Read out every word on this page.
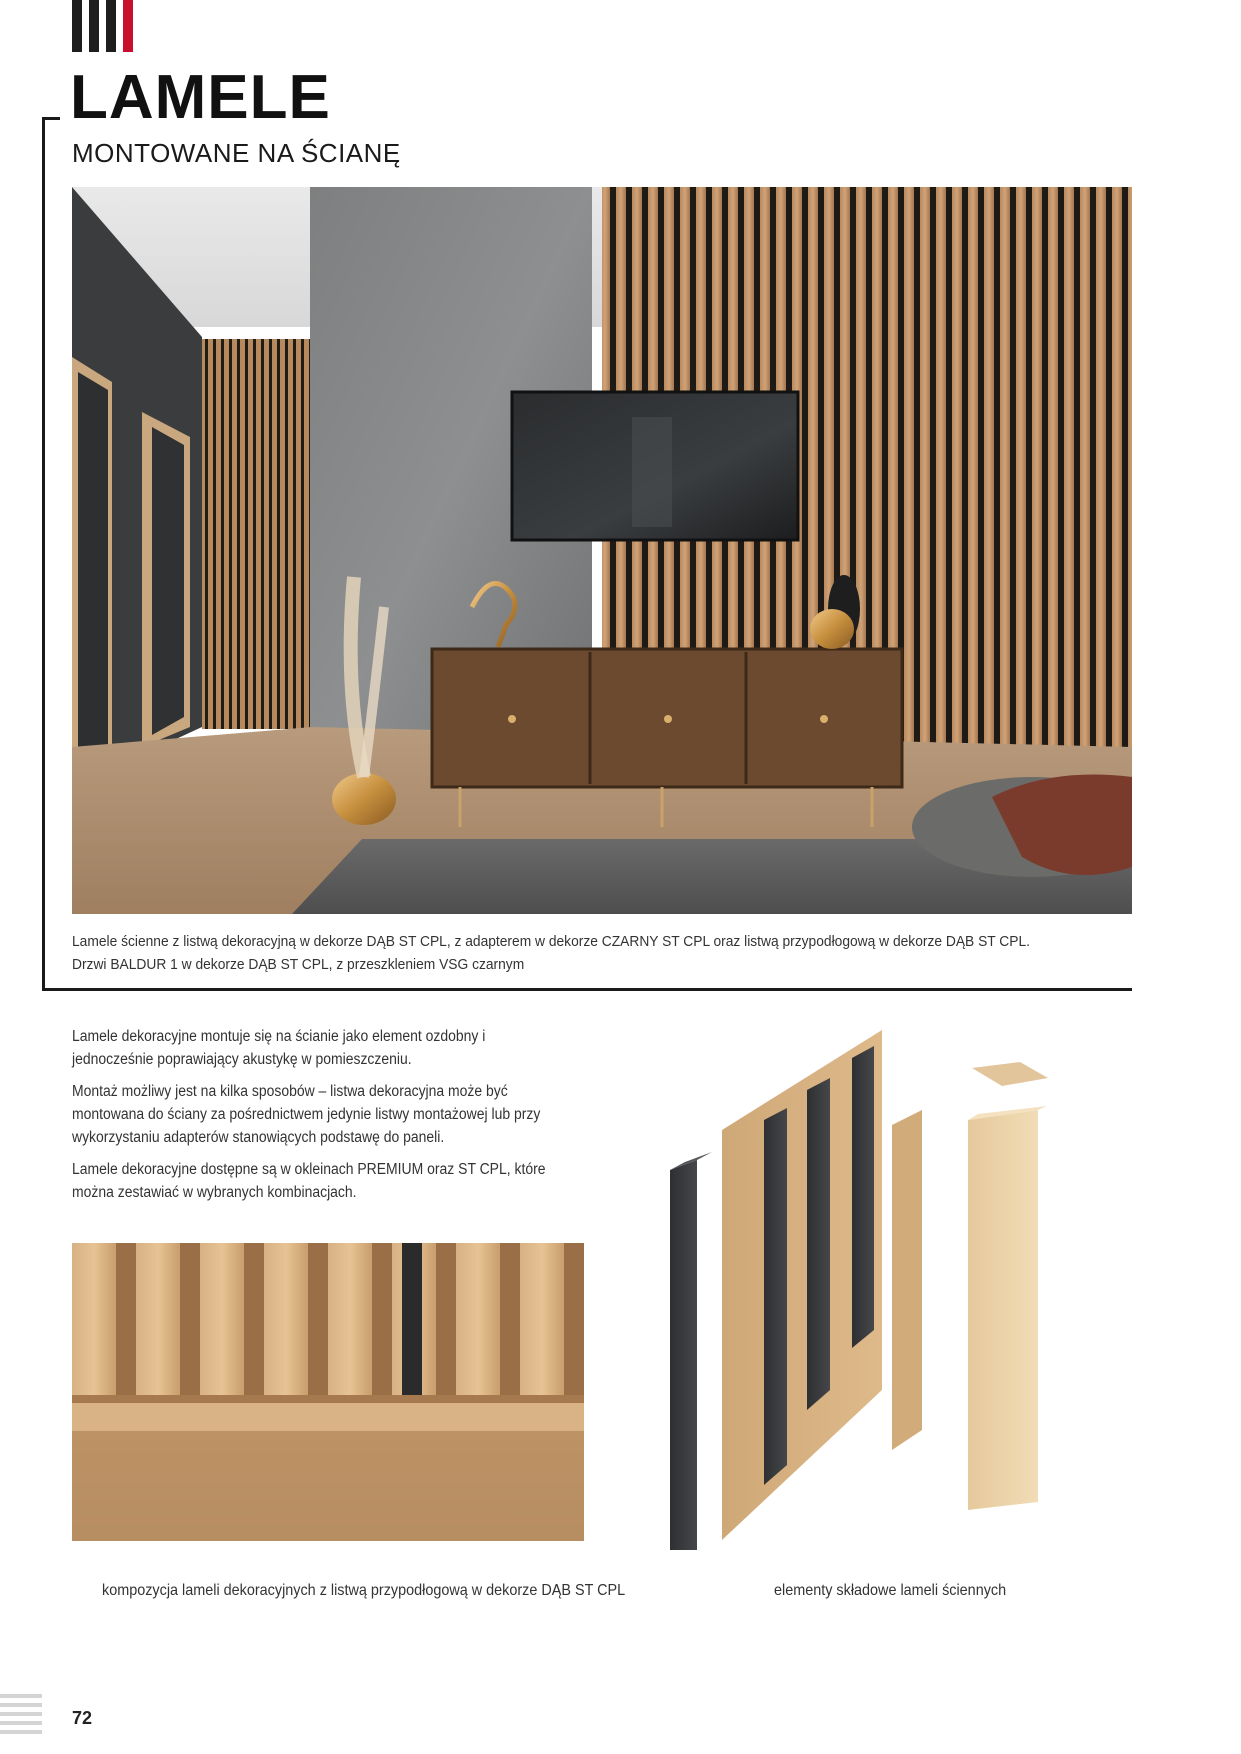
LAMELE
MONTOWANE NA ŚCIANĘ
Lamele ścienne z listwą dekoracyjną w dekorze DĄB ST CPL, z adapterem w dekorze CZARNY ST CPL oraz listwą przypodłogową w dekorze DĄB ST CPL.
Drzwi BALDUR 1 w dekorze DĄB ST CPL, z przeszkleniem VSG czarnym

Lamele dekoracyjne montuje się na ścianie jako element ozdobny i jednocześnie poprawiający akustykę w pomieszczeniu.

Montaż możliwy jest na kilka sposobów – listwa dekoracyjna może być montowana do ściany za pośrednictwem jedynie listwy montażowej lub przy wykorzystaniu adapterów stanowiących podstawę do paneli.

Lamele dekoracyjne dostępne są w okleinach PREMIUM oraz ST CPL, które można zestawiać w wybranych kombinacjach.

kompozycja lameli dekoracyjnych z listwą przypodłogową w dekorze DĄB ST CPL	elementy składowe lameli ściennych
72
